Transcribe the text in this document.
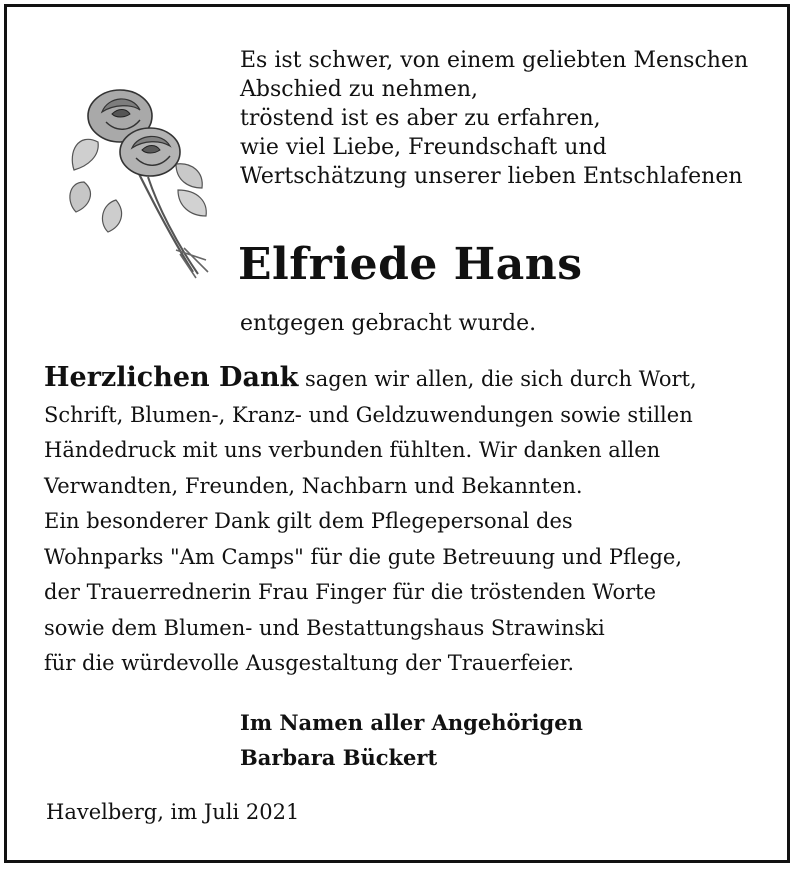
Es ist schwer, von einem geliebten Menschen
Abschied zu nehmen,
tröstend ist es aber zu erfahren,
wie viel Liebe, Freundschaft und
Wertschätzung unserer lieben Entschlafenen
Elfriede Hans
entgegen gebracht wurde.
Herzlichen Dank sagen wir allen, die sich durch Wort,
Schrift, Blumen-, Kranz- und Geldzuwendungen sowie stillen
Händedruck mit uns verbunden fühlten. Wir danken allen
Verwandten, Freunden, Nachbarn und Bekannten.
Ein besonderer Dank gilt dem Pflegepersonal des
Wohnparks "Am Camps" für die gute Betreuung und Pflege,
der Trauerrednerin Frau Finger für die tröstenden Worte
sowie dem Blumen- und Bestattungshaus Strawinski
für die würdevolle Ausgestaltung der Trauerfeier.
Im Namen aller Angehörigen
Barbara Bückert
Havelberg, im Juli 2021
